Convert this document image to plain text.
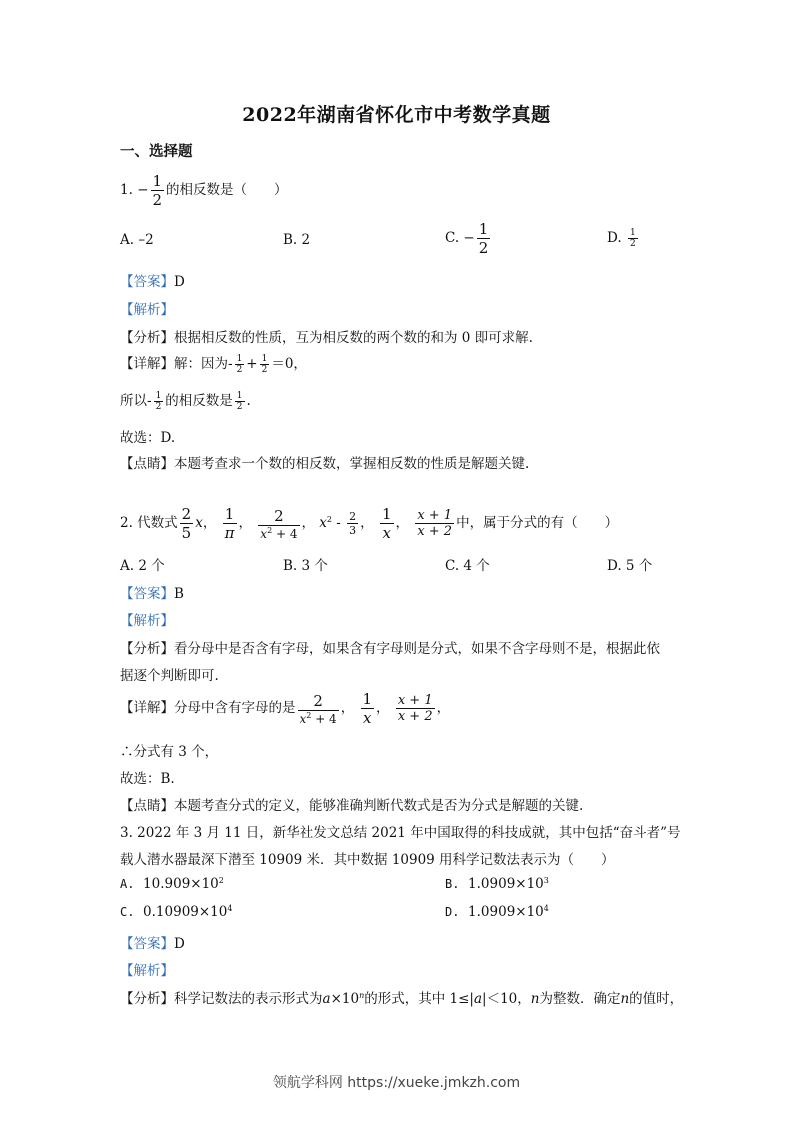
2022年湖南省怀化市中考数学真题
一、选择题
1. − $\frac{1}{2}$ 的相反数是（　　）
A. –2	B. 2	C. − $\frac{1}{2}$	D. $\frac{1}{2}$
【答案】D
【解析】
【分析】根据相反数的性质，互为相反数的两个数的和为 0 即可求解.
【详解】解：因为- $\frac{1}{2} + \frac{1}{2} =0$，
所以- $\frac{1}{2}$ 的相反数是 $\frac{1}{2}$ .
故选：D.
【点睛】本题考查求一个数的相反数，掌握相反数的性质是解题关键.
2. 代数式 $\frac{2}{5}$ x， $\frac{1}{\pi}$ ， $\frac{2}{x^2 + 4}$ ， $x^2 - \frac{2}{3}$ ， $\frac{1}{x}$ ， $\frac{x + 1}{x + 2}$ 中，属于分式的有（　　）
A. 2 个	B. 3 个	C. 4 个	D. 5 个
【答案】B
【解析】
【分析】看分母中是否含有字母，如果含有字母则是分式，如果不含字母则不是，根据此依
据逐个判断即可.
【详解】分母中含有字母的是 $\frac{2}{x^2 + 4}$ ， $\frac{1}{x}$ ， $\frac{x + 1}{x + 2}$ ，
∴分式有 3 个，
故选：B.
【点睛】本题考查分式的定义，能够准确判断代数式是否为分式是解题的关键.
3. 2022 年 3 月 11 日，新华社发文总结 2021 年中国取得的科技成就，其中包括“奋斗者”号
载人潜水器最深下潜至 10909 米．其中数据 10909 用科学记数法表示为（　　）
A. $10.909\times 10^2$	B. $1.0909\times 10^3$
C. $0.10909\times 10^4$	D. $1.0909\times 10^4$
【答案】D
【解析】
【分析】科学记数法的表示形式为$a\times 10^n$的形式，其中 1≤|a|＜10，n为整数．确定n的值时，
领航学科网 https://xueke.jmkzh.com
